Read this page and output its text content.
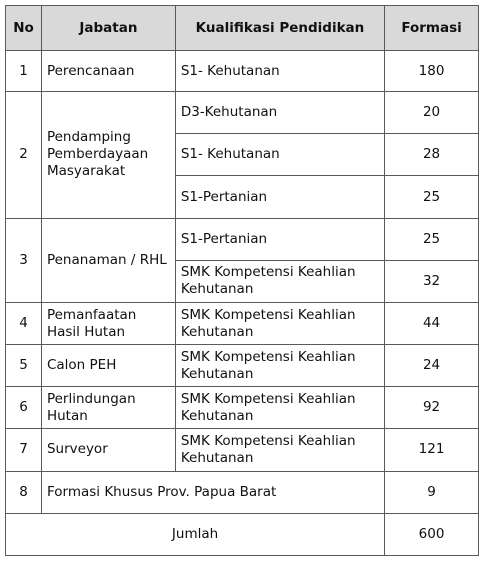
No	Jabatan	Kualifikasi Pendidikan	Formasi
1	Perencanaan	S1- Kehutanan	180
2	Pendamping Pemberdayaan Masyarakat	D3-Kehutanan	20
		S1- Kehutanan	28
		S1-Pertanian	25
3	Penanaman / RHL	S1-Pertanian	25
		SMK Kompetensi Keahlian Kehutanan	32
4	Pemanfaatan Hasil Hutan	SMK Kompetensi Keahlian Kehutanan	44
5	Calon PEH	SMK Kompetensi Keahlian Kehutanan	24
6	Perlindungan Hutan	SMK Kompetensi Keahlian Kehutanan	92
7	Surveyor	SMK Kompetensi Keahlian Kehutanan	121
8	Formasi Khusus Prov. Papua Barat		9
Jumlah			600
